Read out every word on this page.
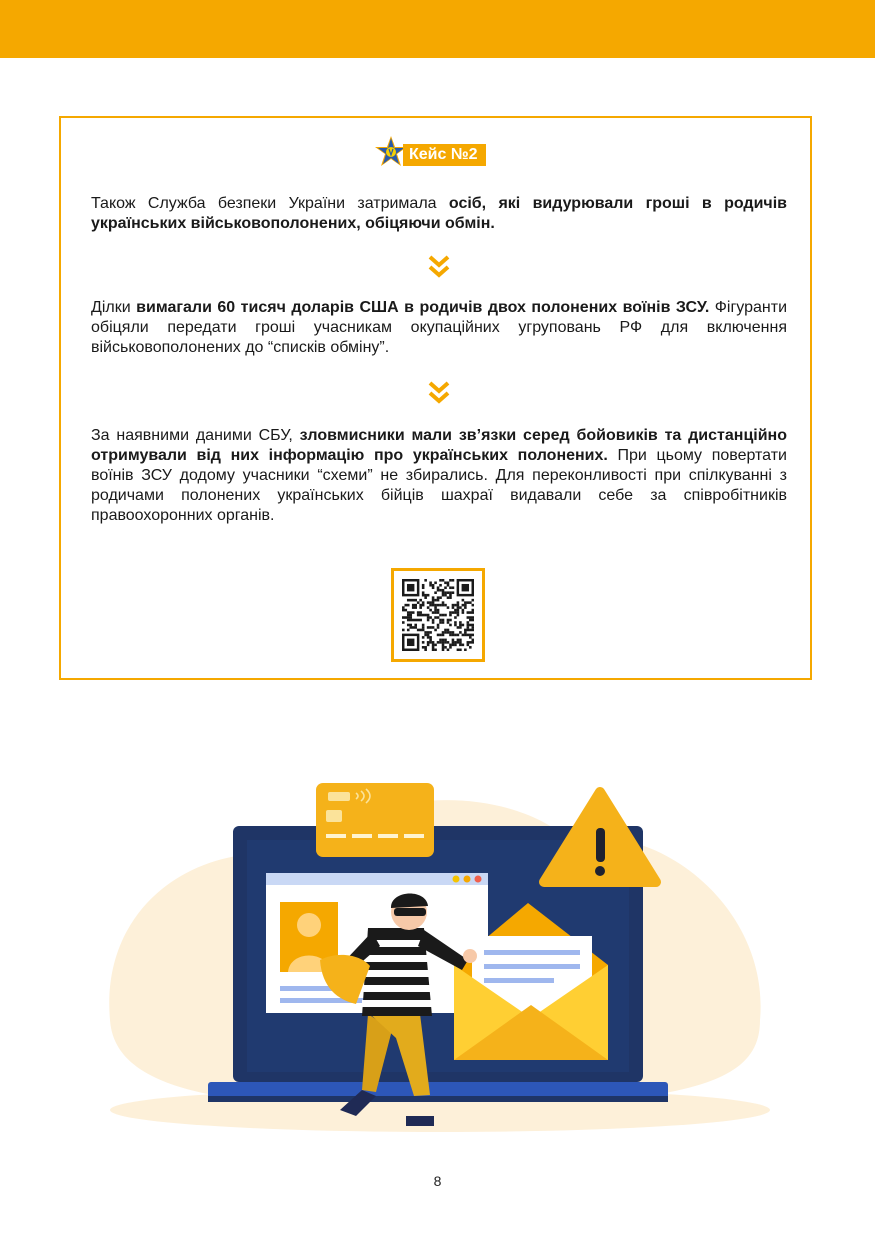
Кейс №2

Також Служба безпеки України затримала осіб, які видурювали гроші в родичів українських військовополонених, обіцяючи обмін.

Ділки вимагали 60 тисяч доларів США в родичів двох полонених воїнів ЗСУ. Фігуранти обіцяли передати гроші учасникам окупаційних угруповань РФ для включення військовополонених до “списків обміну”.

За наявними даними СБУ, зловмисники мали зв’язки серед бойовиків та дистанційно отримували від них інформацію про українських полонених. При цьому повертати воїнів ЗСУ додому учасники “схеми” не збирались. Для переконливості при спілкуванні з родичами полонених українських бійців шахраї видавали себе за співробітників правоохоронних органів.

8
